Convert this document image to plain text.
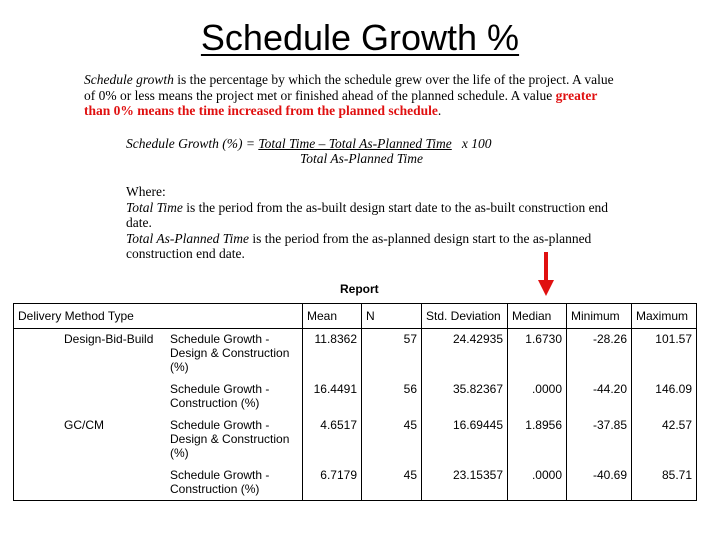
Schedule Growth %
Schedule growth is the percentage by which the schedule grew over the life of the project. A value of 0% or less means the project met or finished ahead of the planned schedule. A value greater than 0% means the time increased from the planned schedule.
Schedule Growth (%) = Total Time – Total As-Planned Time   x 100
Total As-Planned Time
Where:
Total Time is the period from the as-built design start date to the as-built construction end date.
Total As-Planned Time is the period from the as-planned design start to the as-planned construction end date.
Report
Delivery Method Type		Mean	N	Std. Deviation	Median	Minimum	Maximum
Design-Bid-Build	Schedule Growth - Design & Construction (%)	11.8362	57	24.42935	1.6730	-28.26	101.57
	Schedule Growth - Construction (%)	16.4491	56	35.82367	.0000	-44.20	146.09
GC/CM	Schedule Growth - Design & Construction (%)	4.6517	45	16.69445	1.8956	-37.85	42.57
	Schedule Growth - Construction (%)	6.7179	45	23.15357	.0000	-40.69	85.71
